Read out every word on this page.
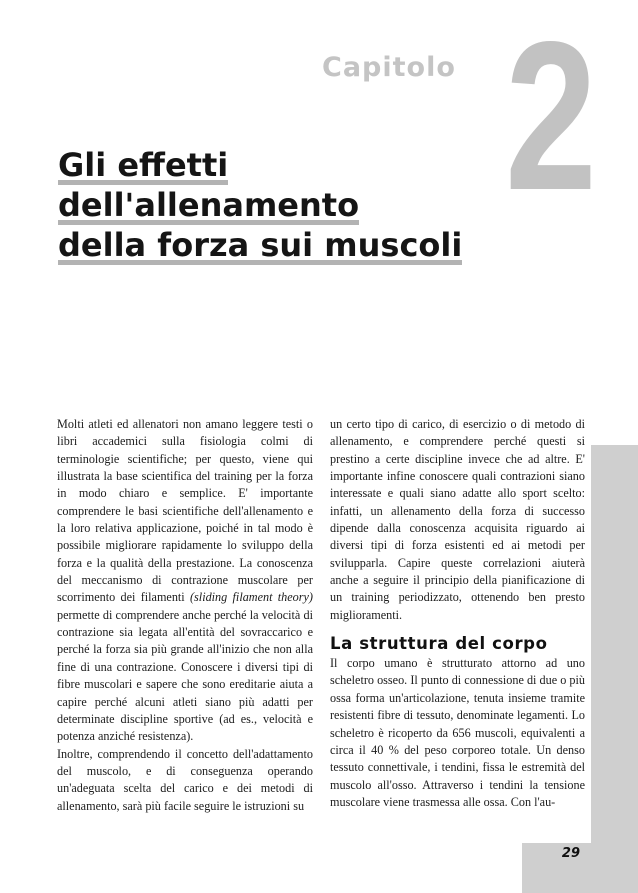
Capitolo 2
Gli effetti
dell'allenamento
della forza sui muscoli

Molti atleti ed allenatori non amano leggere testi o libri accademici sulla fisiologia colmi di terminologie scientifiche; per questo, viene qui illustrata la base scientifica del training per la forza in modo chiaro e semplice. E' importante comprendere le basi scientifiche dell'allenamento e la loro relativa applicazione, poiché in tal modo è possibile migliorare rapidamente lo sviluppo della forza e la qualità della prestazione. La conoscenza del meccanismo di contrazione muscolare per scorrimento dei filamenti (sliding filament theory) permette di comprendere anche perché la velocità di contrazione sia legata all'entità del sovraccarico e perché la forza sia più grande all'inizio che non alla fine di una contrazione. Conoscere i diversi tipi di fibre muscolari e sapere che sono ereditarie aiuta a capire perché alcuni atleti siano più adatti per determinate discipline sportive (ad es., velocità e potenza anziché resistenza).

Inoltre, comprendendo il concetto dell'adattamento del muscolo, e di conseguenza operando un'adeguata scelta del carico e dei metodi di allenamento, sarà più facile seguire le istruzioni su

un certo tipo di carico, di esercizio o di metodo di allenamento, e comprendere perché questi si prestino a certe discipline invece che ad altre. E' importante infine conoscere quali contrazioni siano interessate e quali siano adatte allo sport scelto: infatti, un allenamento della forza di successo dipende dalla conoscenza acquisita riguardo ai diversi tipi di forza esistenti ed ai metodi per svilupparla. Capire queste correlazioni aiuterà anche a seguire il principio della pianificazione di un training periodizzato, ottenendo ben presto miglioramenti.

La struttura del corpo

Il corpo umano è strutturato attorno ad uno scheletro osseo. Il punto di connessione di due o più ossa forma un'articolazione, tenuta insieme tramite resistenti fibre di tessuto, denominate legamenti. Lo scheletro è ricoperto da 656 muscoli, equivalenti a circa il 40 % del peso corporeo totale. Un denso tessuto connettivale, i tendini, fissa le estremità del muscolo all'osso. Attraverso i tendini la tensione muscolare viene trasmessa alle ossa. Con l'au-

29
